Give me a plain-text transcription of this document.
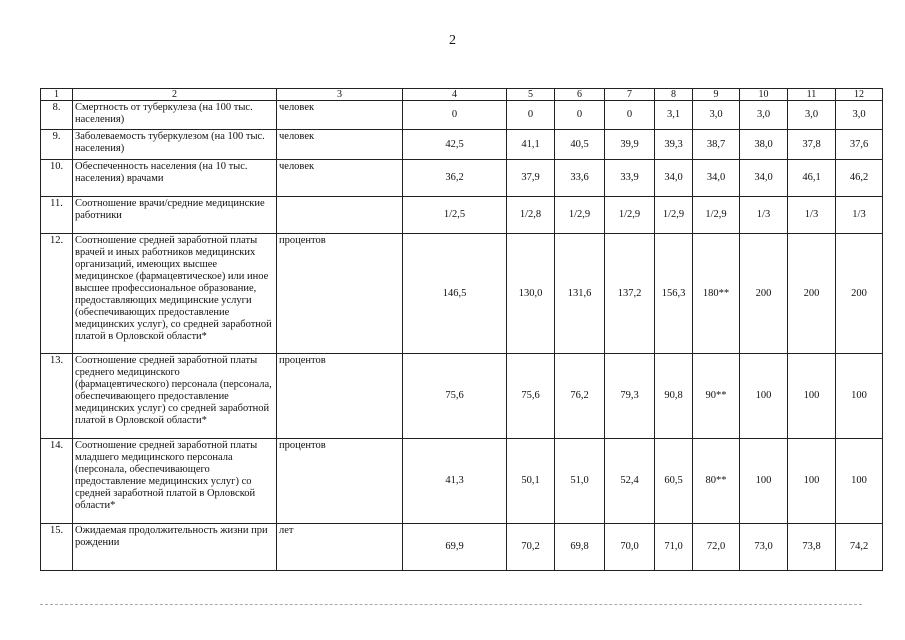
2
1	2	3	4	5	6	7	8	9	10	11	12
8.	Смертность от туберкулеза (на 100 тыс. населения)	человек	0	0	0	0	3,1	3,0	3,0	3,0	3,0
9.	Заболеваемость туберкулезом (на 100 тыс. населения)	человек	42,5	41,1	40,5	39,9	39,3	38,7	38,0	37,8	37,6
10.	Обеспеченность населения (на 10 тыс. населения) врачами	человек	36,2	37,9	33,6	33,9	34,0	34,0	34,0	46,1	46,2
11.	Соотношение врачи/средние медицинские работники		1/2,5	1/2,8	1/2,9	1/2,9	1/2,9	1/2,9	1/3	1/3	1/3
12.	Соотношение средней заработной платы врачей и иных работников медицинских организаций, имеющих высшее медицинское (фармацевтическое) или иное высшее профессиональное образование, предоставляющих медицинские услуги (обеспечивающих предоставление медицинских услуг), со средней заработной платой в Орловской области*	процентов	146,5	130,0	131,6	137,2	156,3	180**	200	200	200
13.	Соотношение средней заработной платы среднего медицинского (фармацевтического) персонала (персонала, обеспечивающего предоставление медицинских услуг) со средней заработной платой в Орловской области*	процентов	75,6	75,6	76,2	79,3	90,8	90**	100	100	100
14.	Соотношение средней заработной платы младшего медицинского персонала (персонала, обеспечивающего предоставление медицинских услуг) со средней заработной платой в Орловской области*	процентов	41,3	50,1	51,0	52,4	60,5	80**	100	100	100
15.	Ожидаемая продолжительность жизни при рождении	лет	69,9	70,2	69,8	70,0	71,0	72,0	73,0	73,8	74,2
